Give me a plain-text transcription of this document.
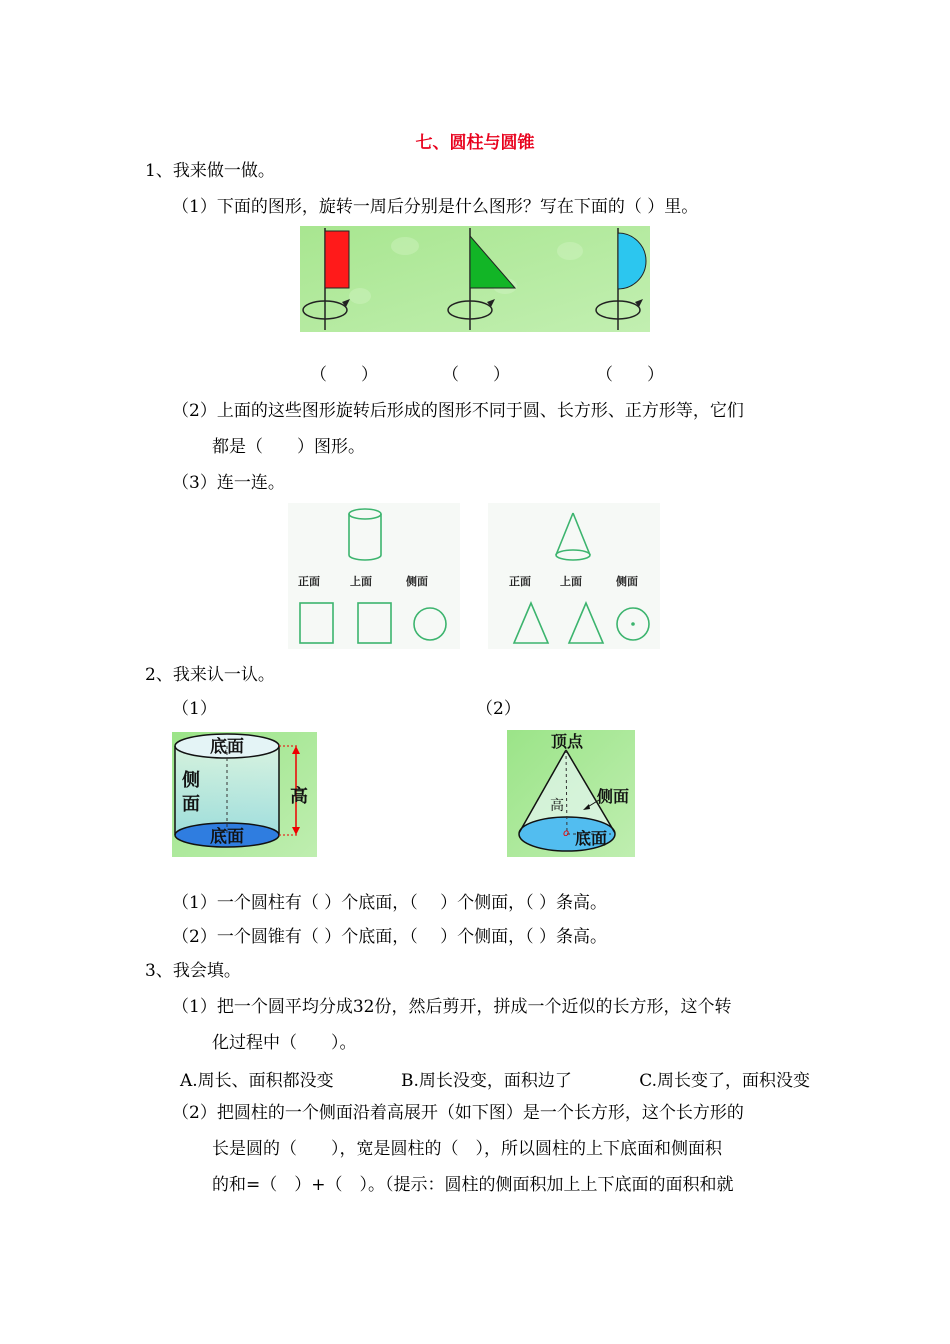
七、圆柱与圆锥
1、我来做一做。
（1）下面的图形，旋转一周后分别是什么图形？写在下面的（ ）里。
（　　）	（　　）	（　　）
（2）上面的这些图形旋转后形成的图形不同于圆、长方形、正方形等，它们
都是（　　）图形。
（3）连一连。
正面	上面	侧面	正面	上面	侧面
2、我来认一认。
（1）	（2）
底面
侧
面
底面
高
顶点
侧面
高
底面
o
（1）一个圆柱有（ ）个底面，（　 ）个侧面，（ ）条高。
（2）一个圆锥有（ ）个底面，（　 ）个侧面，（ ）条高。
3、我会填。
（1）把一个圆平均分成32份，然后剪开，拼成一个近似的长方形，这个转
化过程中（　　）。
A.周长、面积都没变	B.周长没变，面积边了	C.周长变了，面积没变
（2）把圆柱的一个侧面沿着高展开（如下图）是一个长方形，这个长方形的
长是圆的（　　），宽是圆柱的（　），所以圆柱的上下底面和侧面积
的和=（　）+（　）。（提示：圆柱的侧面积加上上下底面的面积和就
